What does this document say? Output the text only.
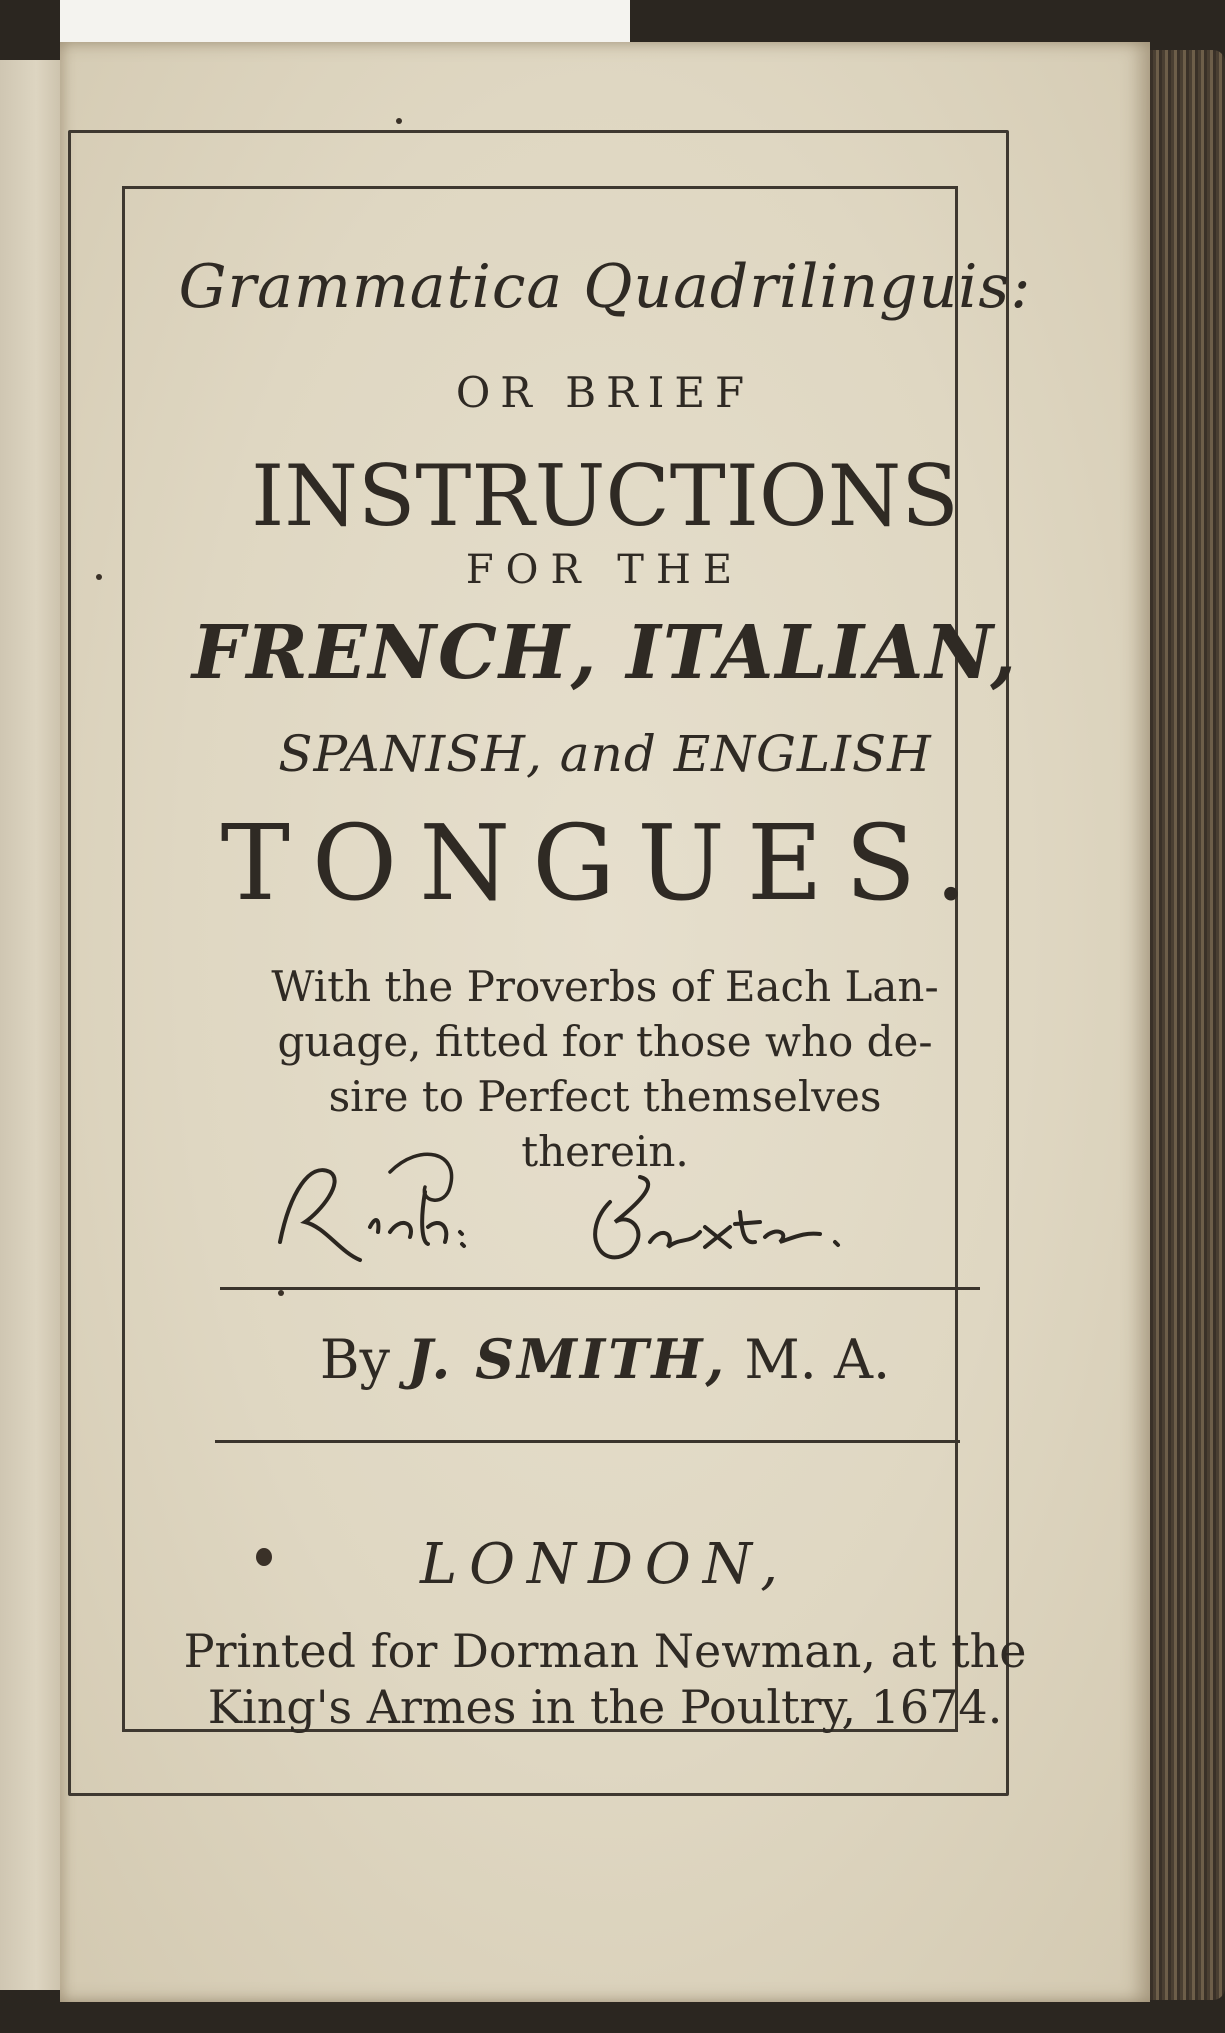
Grammatica Quadrilinguis:
OR BRIEF
INSTRUCTIONS
FOR THE
FRENCH, ITALIAN,
SPANISH, and ENGLISH
TONGUES.
With the Proverbs of Each Lan-
guage, fitted for those who de-
sire to Perfect themselves
therein.
By J. SMITH, M. A.
LONDON,
Printed for Dorman Newman, at the
King's Armes in the Poultry, 1674.
